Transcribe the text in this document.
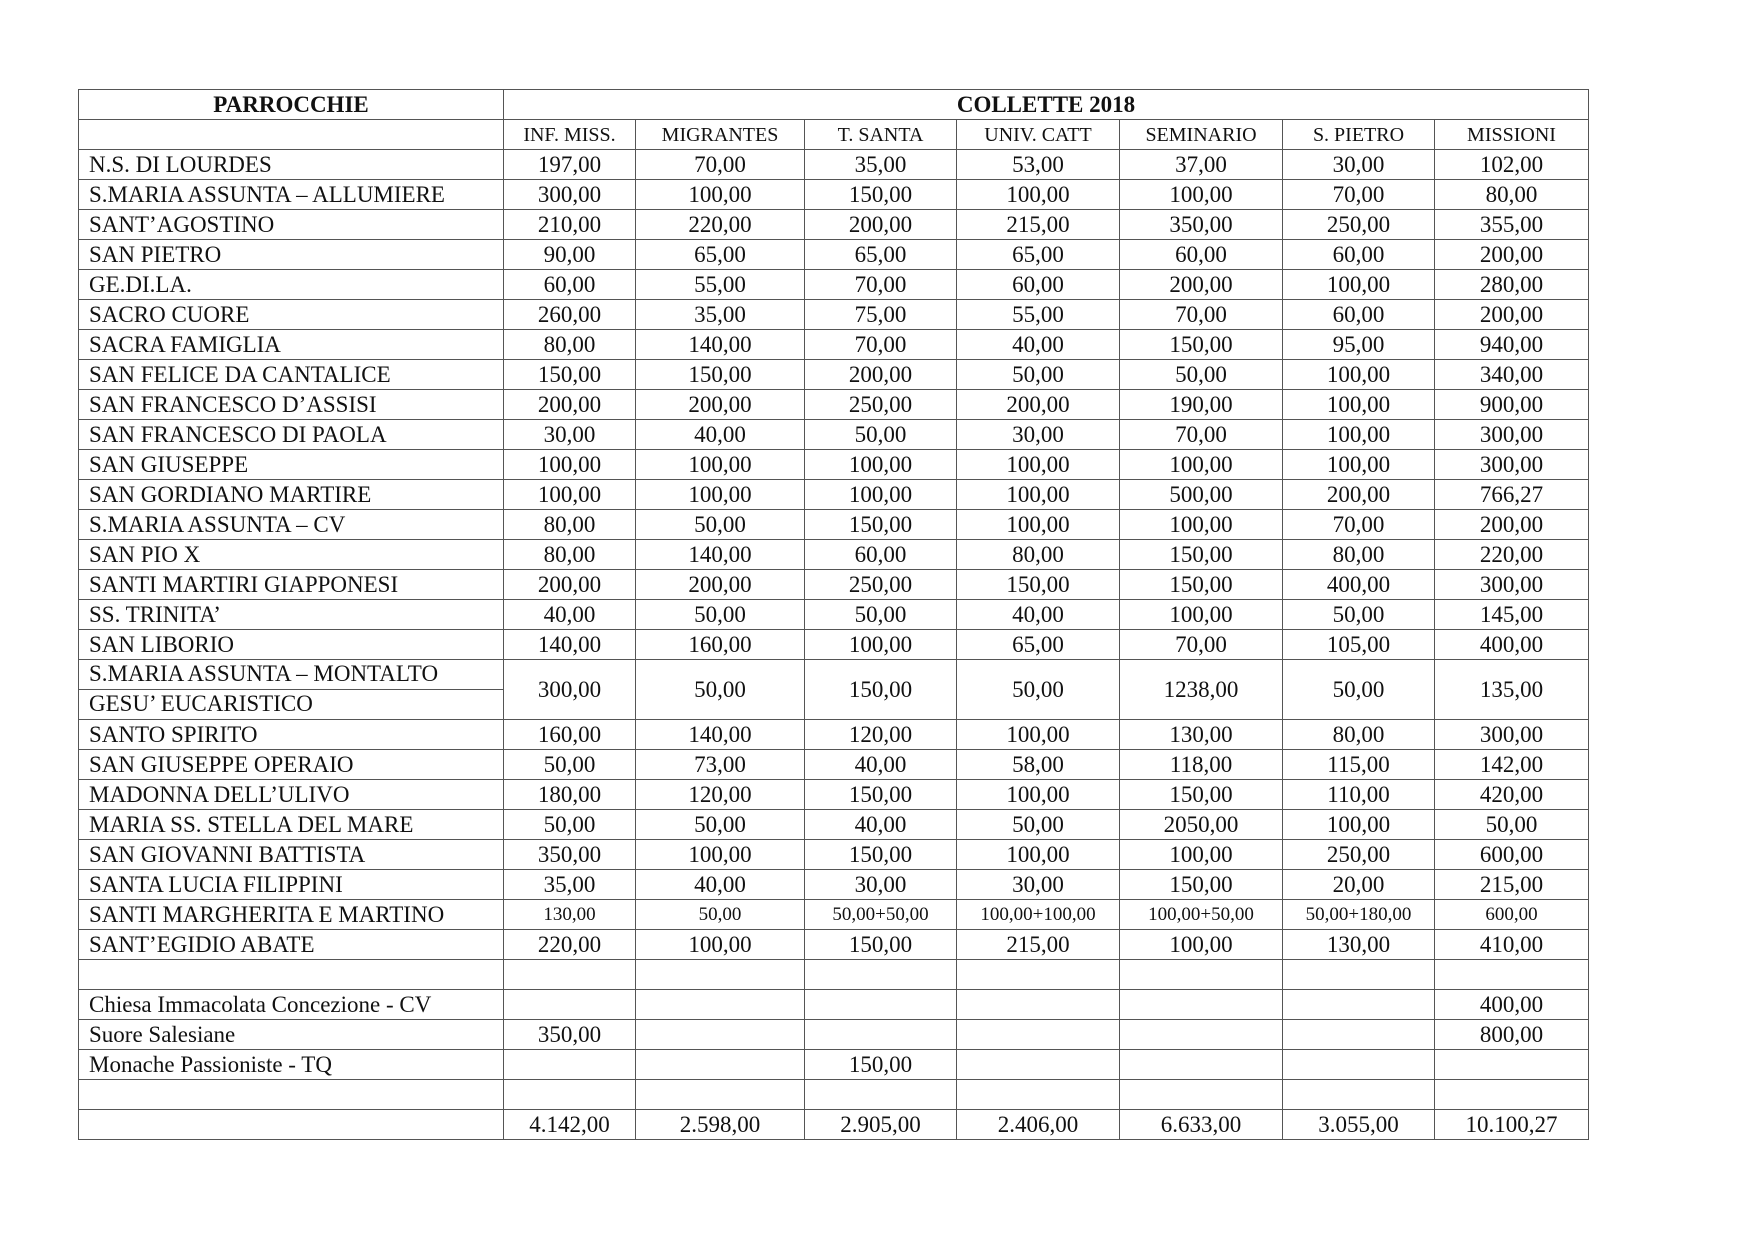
PARROCCHIE	COLLETTE 2018						
	INF. MISS.	MIGRANTES	T. SANTA	UNIV. CATT	SEMINARIO	S. PIETRO	MISSIONI
N.S. DI LOURDES	197,00	70,00	35,00	53,00	37,00	30,00	102,00
S.MARIA ASSUNTA – ALLUMIERE	300,00	100,00	150,00	100,00	100,00	70,00	80,00
SANT’AGOSTINO	210,00	220,00	200,00	215,00	350,00	250,00	355,00
SAN PIETRO	90,00	65,00	65,00	65,00	60,00	60,00	200,00
GE.DI.LA.	60,00	55,00	70,00	60,00	200,00	100,00	280,00
SACRO CUORE	260,00	35,00	75,00	55,00	70,00	60,00	200,00
SACRA FAMIGLIA	80,00	140,00	70,00	40,00	150,00	95,00	940,00
SAN FELICE DA CANTALICE	150,00	150,00	200,00	50,00	50,00	100,00	340,00
SAN FRANCESCO D’ASSISI	200,00	200,00	250,00	200,00	190,00	100,00	900,00
SAN FRANCESCO DI PAOLA	30,00	40,00	50,00	30,00	70,00	100,00	300,00
SAN GIUSEPPE	100,00	100,00	100,00	100,00	100,00	100,00	300,00
SAN GORDIANO MARTIRE	100,00	100,00	100,00	100,00	500,00	200,00	766,27
S.MARIA ASSUNTA – CV	80,00	50,00	150,00	100,00	100,00	70,00	200,00
SAN PIO X	80,00	140,00	60,00	80,00	150,00	80,00	220,00
SANTI MARTIRI GIAPPONESI	200,00	200,00	250,00	150,00	150,00	400,00	300,00
SS. TRINITA’	40,00	50,00	50,00	40,00	100,00	50,00	145,00
SAN LIBORIO	140,00	160,00	100,00	65,00	70,00	105,00	400,00

S.MARIA ASSUNTA – MONTALTO
GESU’ EUCARISTICO	300,00	50,00	150,00	50,00	1238,00	50,00	135,00
SANTO SPIRITO	160,00	140,00	120,00	100,00	130,00	80,00	300,00
SAN GIUSEPPE OPERAIO	50,00	73,00	40,00	58,00	118,00	115,00	142,00
MADONNA DELL’ULIVO	180,00	120,00	150,00	100,00	150,00	110,00	420,00
MARIA SS. STELLA DEL MARE	50,00	50,00	40,00	50,00	2050,00	100,00	50,00
SAN GIOVANNI BATTISTA	350,00	100,00	150,00	100,00	100,00	250,00	600,00
SANTA LUCIA FILIPPINI	35,00	40,00	30,00	30,00	150,00	20,00	215,00
SANTI MARGHERITA E MARTINO	130,00	50,00	50,00+50,00	100,00+100,00	100,00+50,00	50,00+180,00	600,00
SANT’EGIDIO ABATE	220,00	100,00	150,00	215,00	100,00	130,00	410,00

Chiesa Immacolata Concezione - CV							400,00
Suore Salesiane	350,00						800,00
Monache Passioniste - TQ			150,00				

	4.142,00	2.598,00	2.905,00	2.406,00	6.633,00	3.055,00	10.100,27
